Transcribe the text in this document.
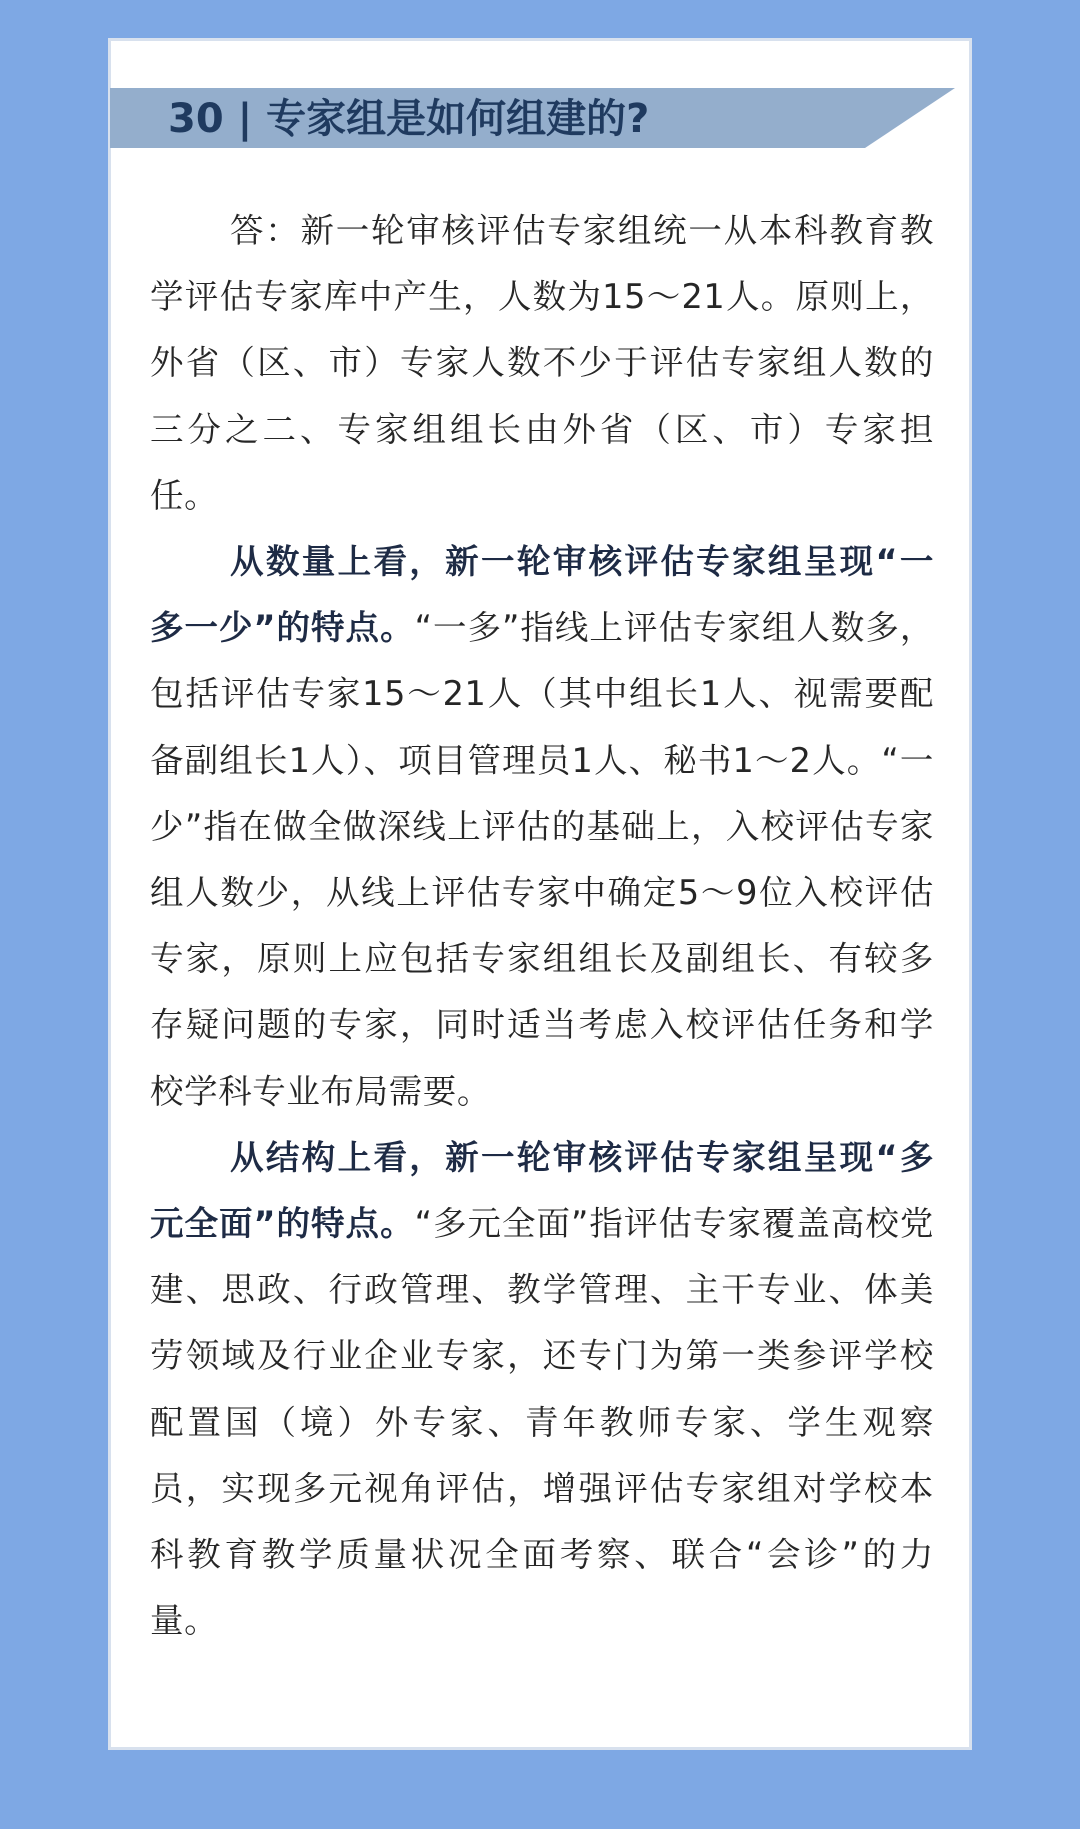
30 | 专家组是如何组建的?

答：新一轮审核评估专家组统一从本科教育教学评估专家库中产生，人数为15～21人。原则上，外省（区、市）专家人数不少于评估专家组人数的三分之二、专家组组长由外省（区、市）专家担任。

从数量上看，新一轮审核评估专家组呈现“一多一少”的特点。“一多”指线上评估专家组人数多，包括评估专家15～21人（其中组长1人、视需要配备副组长1人）、项目管理员1人、秘书1～2人。“一少”指在做全做深线上评估的基础上，入校评估专家组人数少，从线上评估专家中确定5～9位入校评估专家，原则上应包括专家组组长及副组长、有较多存疑问题的专家，同时适当考虑入校评估任务和学校学科专业布局需要。

从结构上看，新一轮审核评估专家组呈现“多元全面”的特点。“多元全面”指评估专家覆盖高校党建、思政、行政管理、教学管理、主干专业、体美劳领域及行业企业专家，还专门为第一类参评学校配置国（境）外专家、青年教师专家、学生观察员，实现多元视角评估，增强评估专家组对学校本科教育教学质量状况全面考察、联合“会诊”的力量。
